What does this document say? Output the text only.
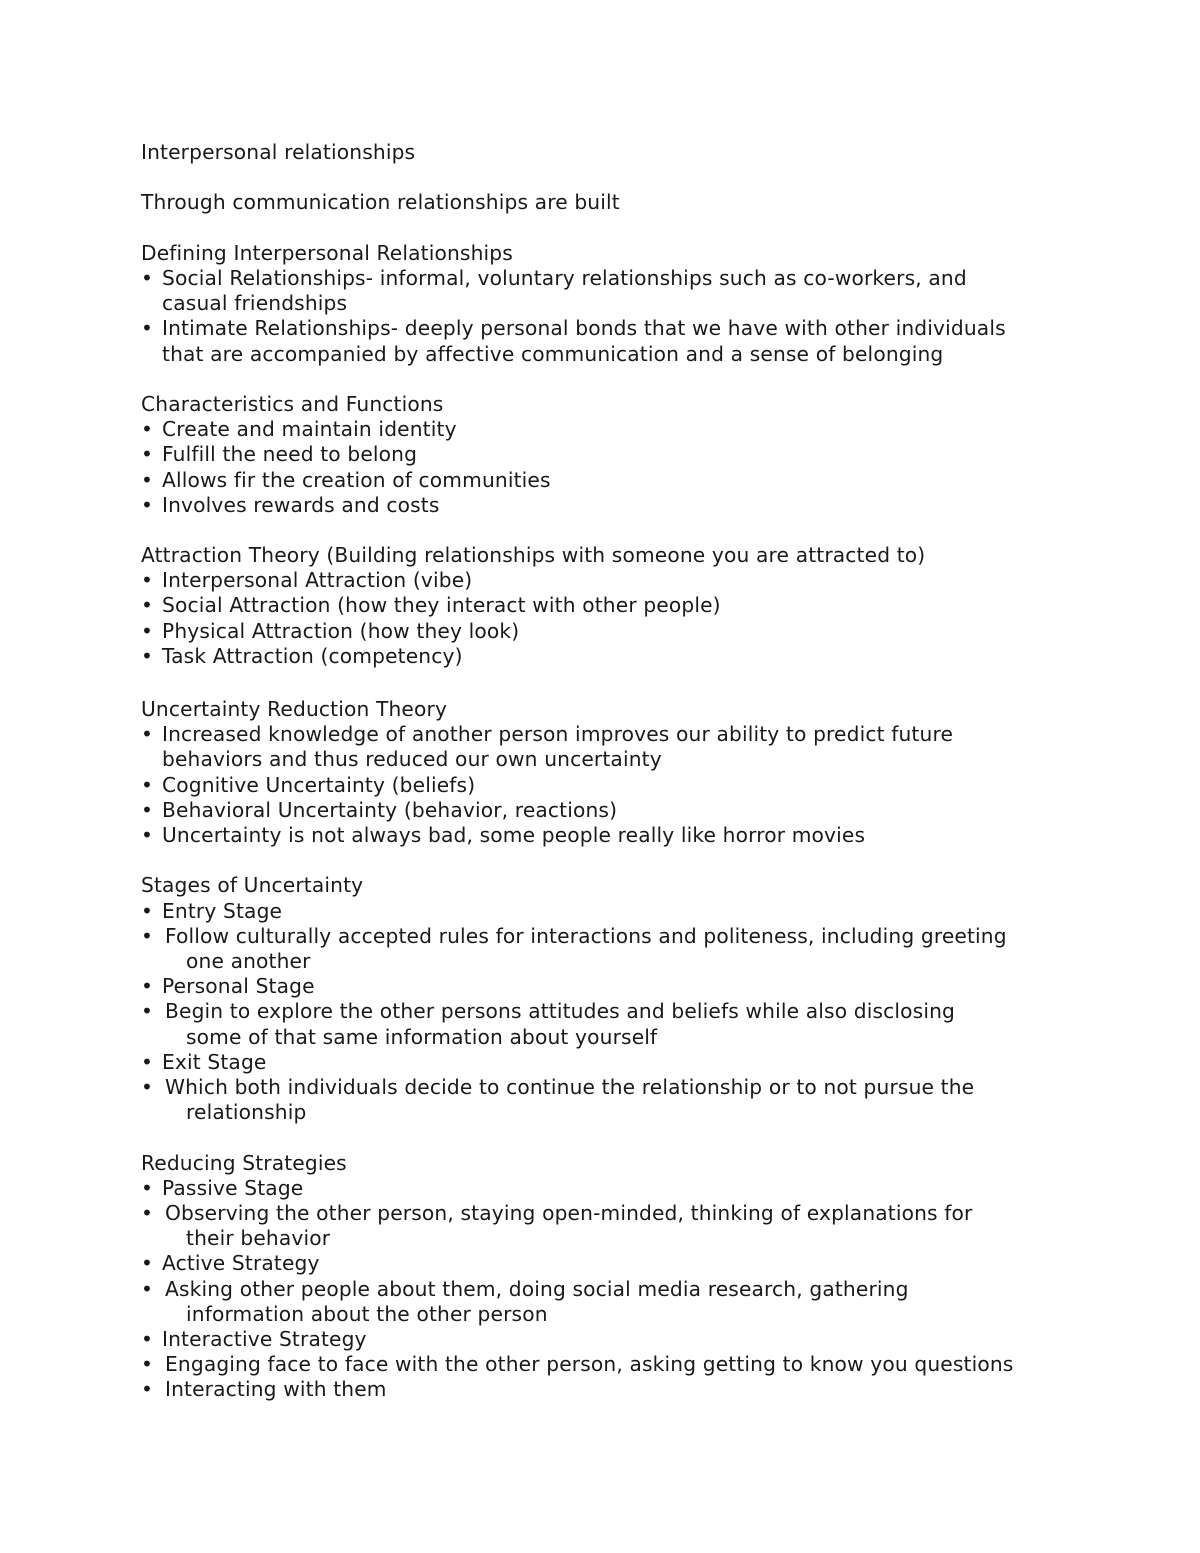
Interpersonal relationships
Through communication relationships are built
Defining Interpersonal Relationships
• Social Relationships- informal, voluntary relationships such as co-workers, and
casual friendships
• Intimate Relationships- deeply personal bonds that we have with other individuals
that are accompanied by affective communication and a sense of belonging
Characteristics and Functions
• Create and maintain identity
• Fulfill the need to belong
• Allows fir the creation of communities
• Involves rewards and costs
Attraction Theory (Building relationships with someone you are attracted to)
• Interpersonal Attraction (vibe)
• Social Attraction (how they interact with other people)
• Physical Attraction (how they look)
• Task Attraction (competency)
Uncertainty Reduction Theory
• Increased knowledge of another person improves our ability to predict future
behaviors and thus reduced our own uncertainty
• Cognitive Uncertainty (beliefs)
• Behavioral Uncertainty (behavior, reactions)
• Uncertainty is not always bad, some people really like horror movies
Stages of Uncertainty
• Entry Stage
• Follow culturally accepted rules for interactions and politeness, including greeting
one another
• Personal Stage
• Begin to explore the other persons attitudes and beliefs while also disclosing
some of that same information about yourself
• Exit Stage
• Which both individuals decide to continue the relationship or to not pursue the
relationship
Reducing Strategies
• Passive Stage
• Observing the other person, staying open-minded, thinking of explanations for
their behavior
• Active Strategy
• Asking other people about them, doing social media research, gathering
information about the other person
• Interactive Strategy
• Engaging face to face with the other person, asking getting to know you questions
• Interacting with them
